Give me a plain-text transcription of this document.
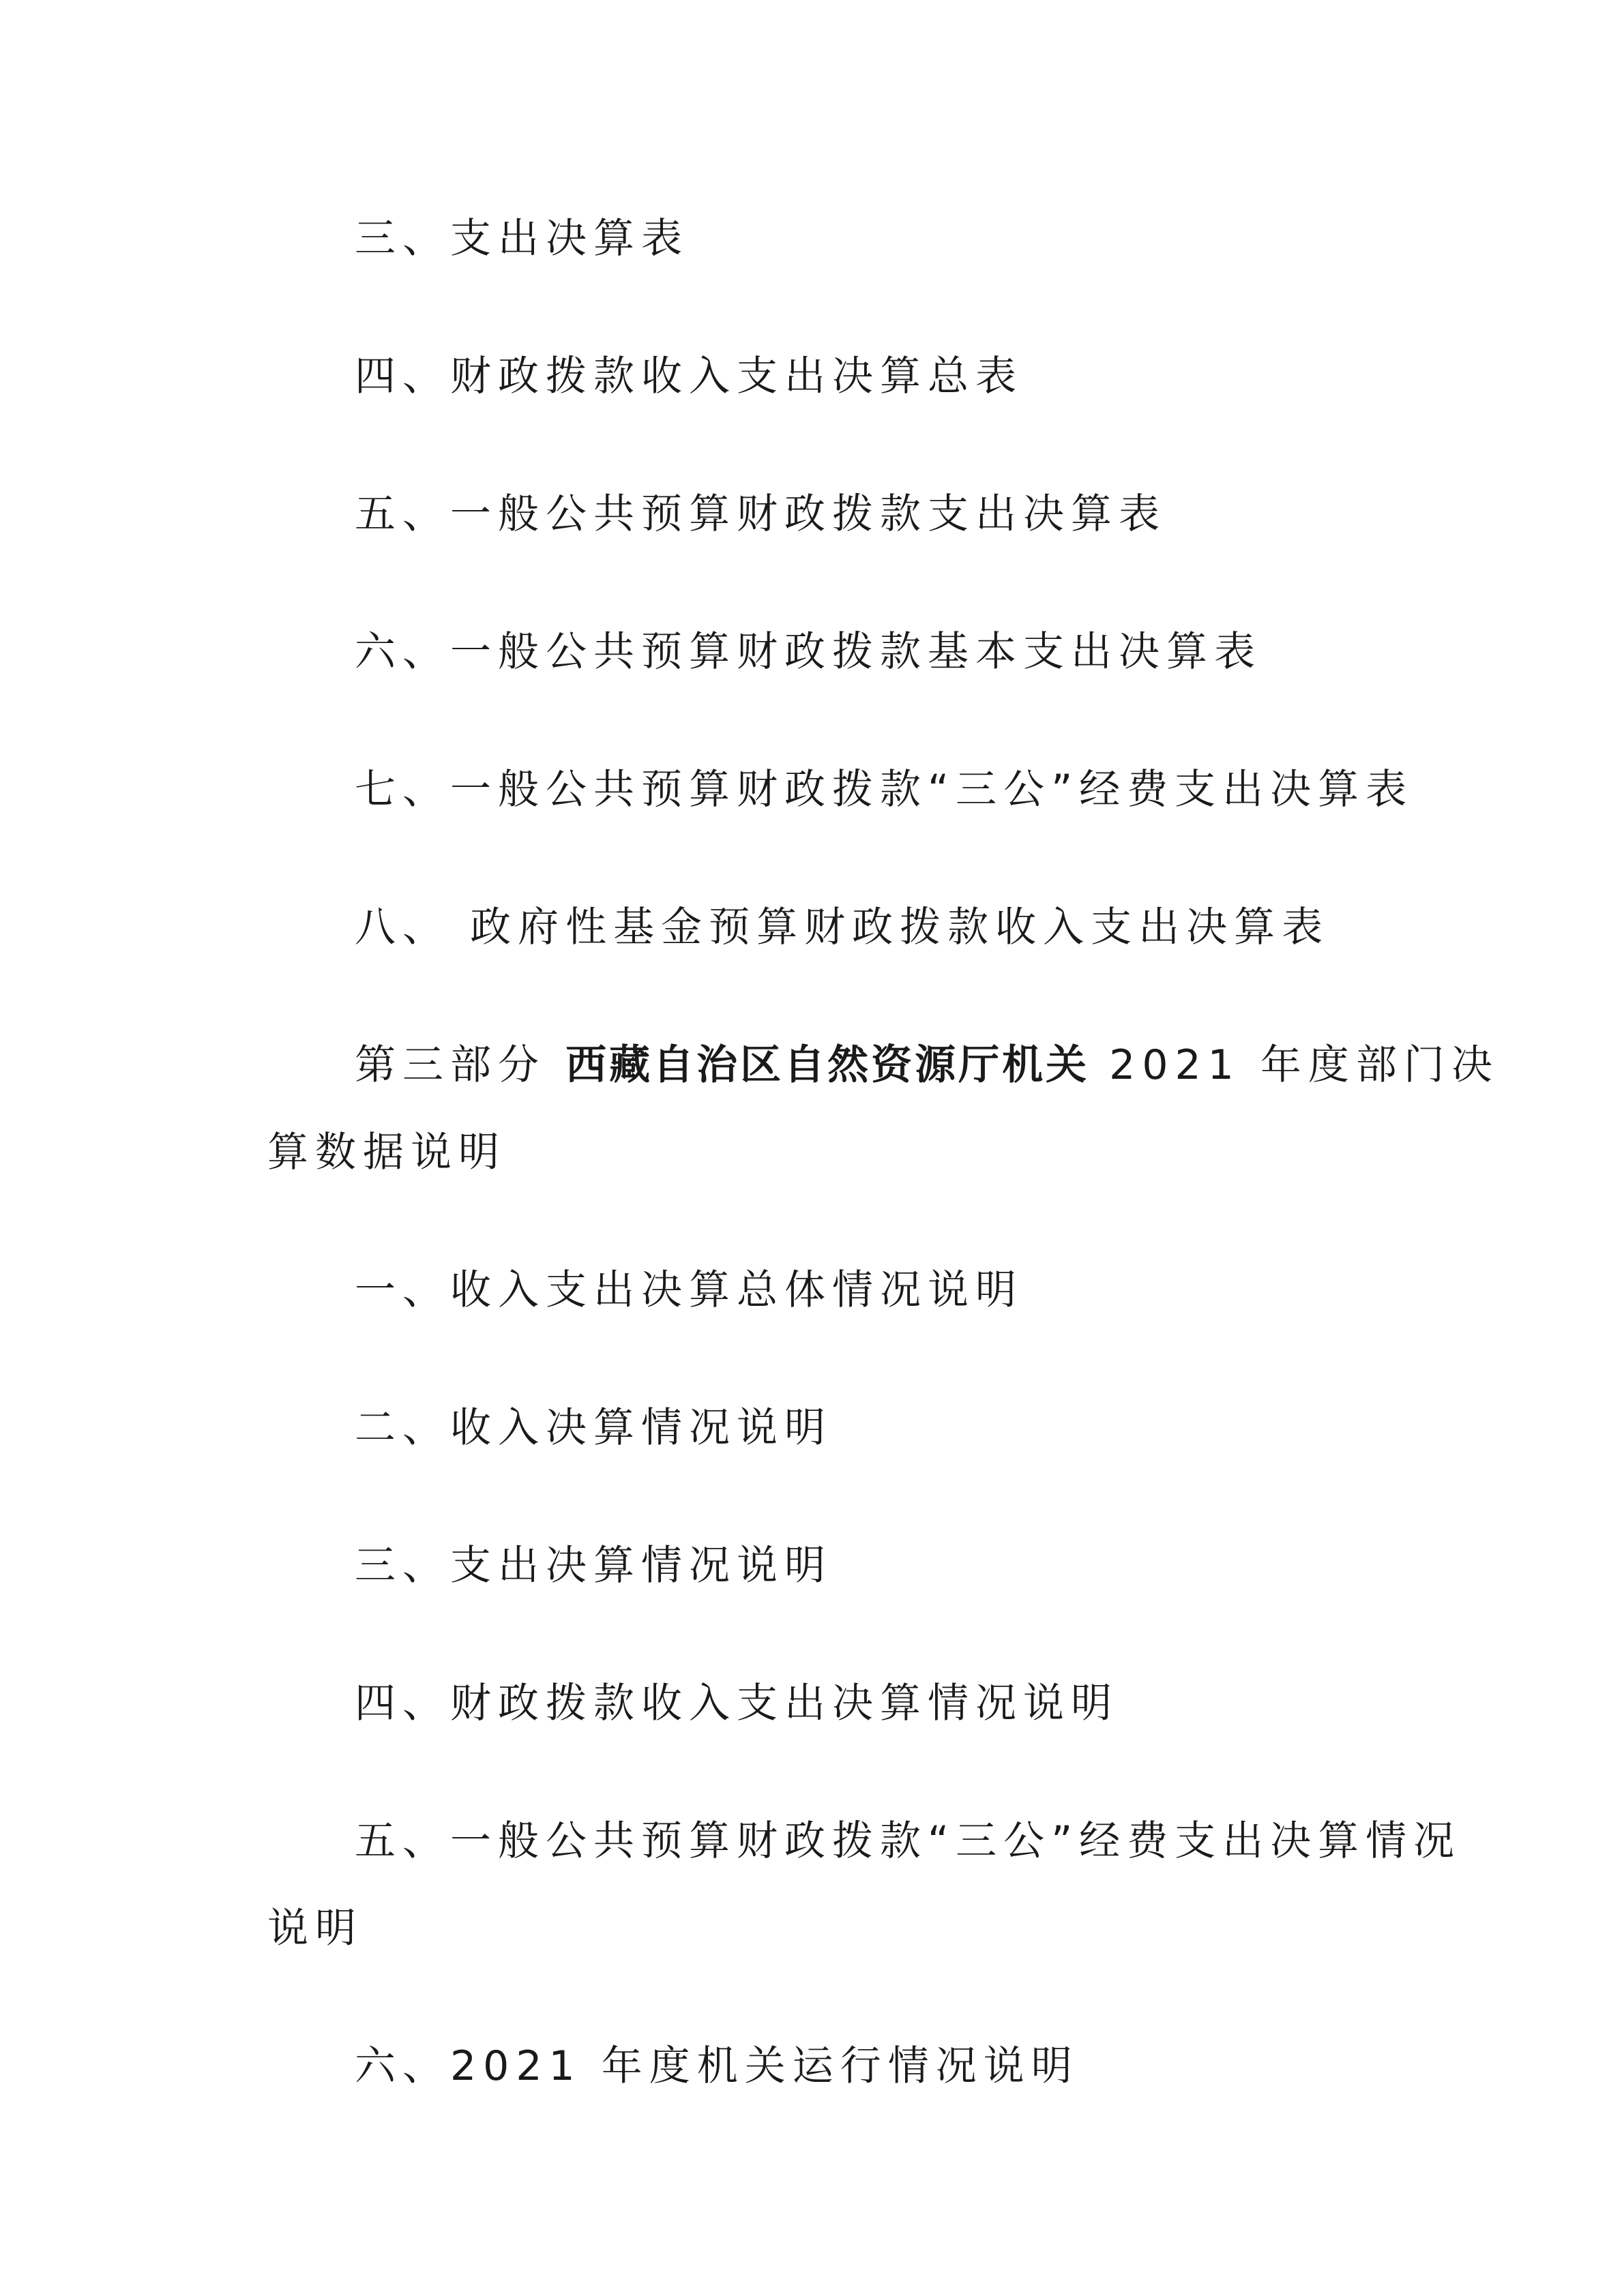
三、支出决算表
四、财政拨款收入支出决算总表
五、一般公共预算财政拨款支出决算表
六、一般公共预算财政拨款基本支出决算表
七、一般公共预算财政拨款“三公”经费支出决算表
八、 政府性基金预算财政拨款收入支出决算表
第三部分 西藏自治区自然资源厅机关 2021 年度部门决
算数据说明
一、收入支出决算总体情况说明
二、收入决算情况说明
三、支出决算情况说明
四、财政拨款收入支出决算情况说明
五、一般公共预算财政拨款“三公”经费支出决算情况
说明
六、2021 年度机关运行情况说明
